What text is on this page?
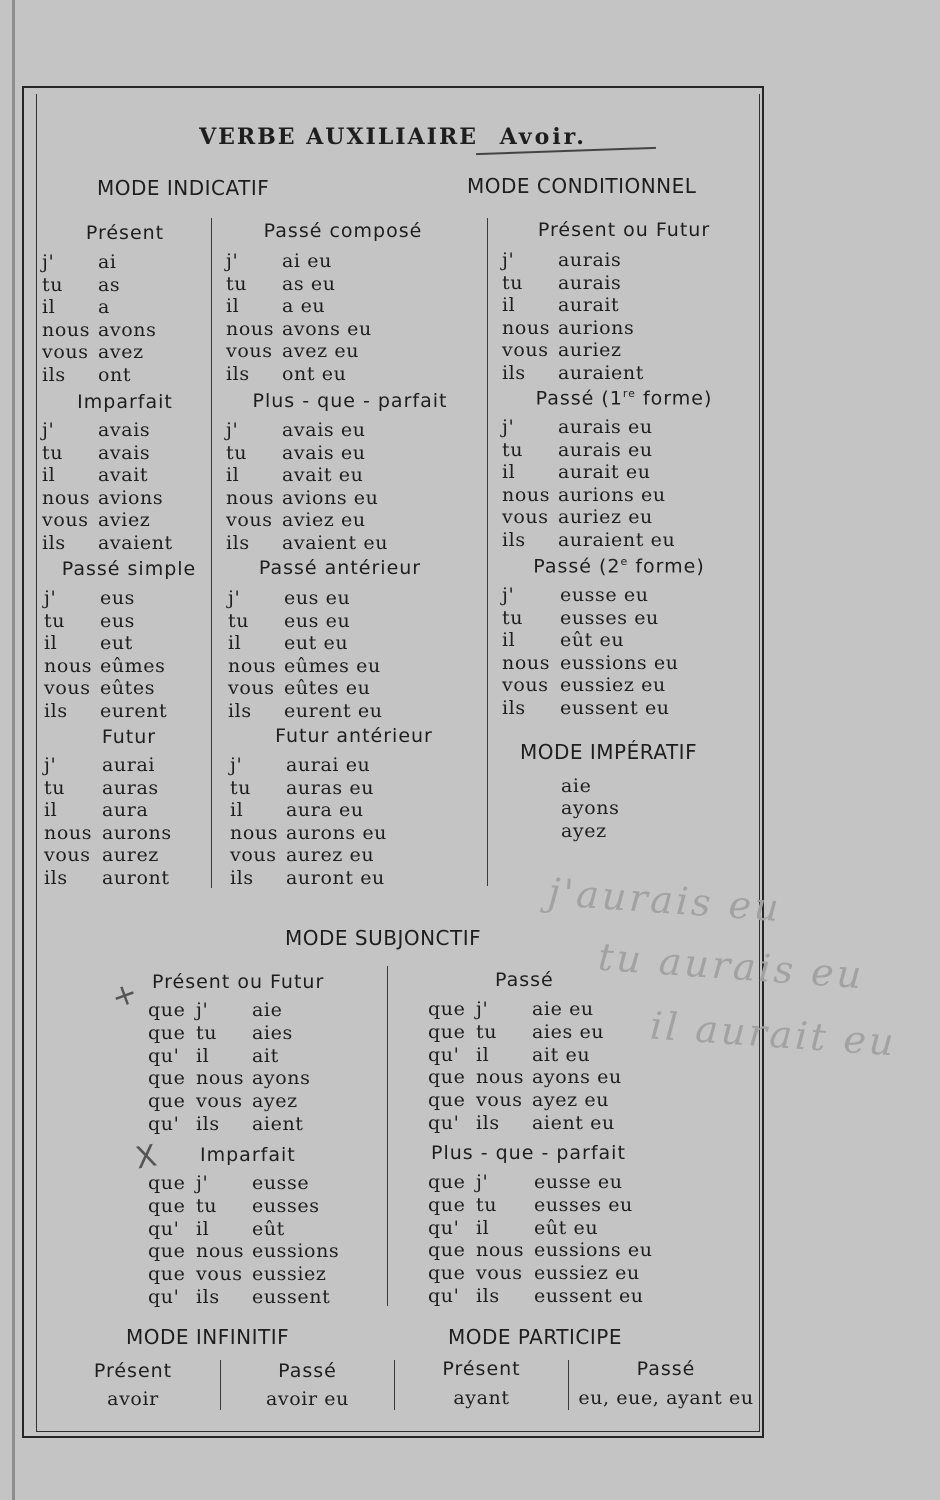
VERBE AUXILIAIRE Avoir.
MODE INDICATIF	MODE CONDITIONNEL
Présent
j' ai
tu as
il a
nous avons
vous avez
ils ont
Imparfait
j' avais
tu avais
il avait
nous avions
vous aviez
ils avaient
Passé simple
j' eus
tu eus
il eut
nous eûmes
vous eûtes
ils eurent
Futur
j' aurai
tu auras
il aura
nous aurons
vous aurez
ils auront
Passé composé
j' ai eu
tu as eu
il a eu
nous avons eu
vous avez eu
ils ont eu
Plus - que - parfait
j' avais eu
tu avais eu
il avait eu
nous avions eu
vous aviez eu
ils avaient eu
Passé antérieur
j' eus eu
tu eus eu
il eut eu
nous eûmes eu
vous eûtes eu
ils eurent eu
Futur antérieur
j' aurai eu
tu auras eu
il aura eu
nous aurons eu
vous aurez eu
ils auront eu
Présent ou Futur
j' aurais
tu aurais
il aurait
nous aurions
vous auriez
ils auraient
Passé (1re forme)
j' aurais eu
tu aurais eu
il aurait eu
nous aurions eu
vous auriez eu
ils auraient eu
Passé (2e forme)
j' eusse eu
tu eusses eu
il eût eu
nous eussions eu
vous eussiez eu
ils eussent eu
MODE IMPÉRATIF
aie
ayons
ayez
MODE SUBJONCTIF
Présent ou Futur
que j' aie
que tu aies
qu' il ait
que nous ayons
que vous ayez
qu' ils aient
Passé
que j' aie eu
que tu aies eu
qu' il ait eu
que nous ayons eu
que vous ayez eu
qu' ils aient eu
Imparfait
que j' eusse
que tu eusses
qu' il eût
que nous eussions
que vous eussiez
qu' ils eussent
Plus - que - parfait
que j' eusse eu
que tu eusses eu
qu' il eût eu
que nous eussions eu
que vous eussiez eu
qu' ils eussent eu
MODE INFINITIF	MODE PARTICIPE
Présent
avoir
Passé
avoir eu
Présent
ayant
Passé
eu, eue, ayant eu
+
X
j'aurais eu
tu aurais eu
il aurait eu
